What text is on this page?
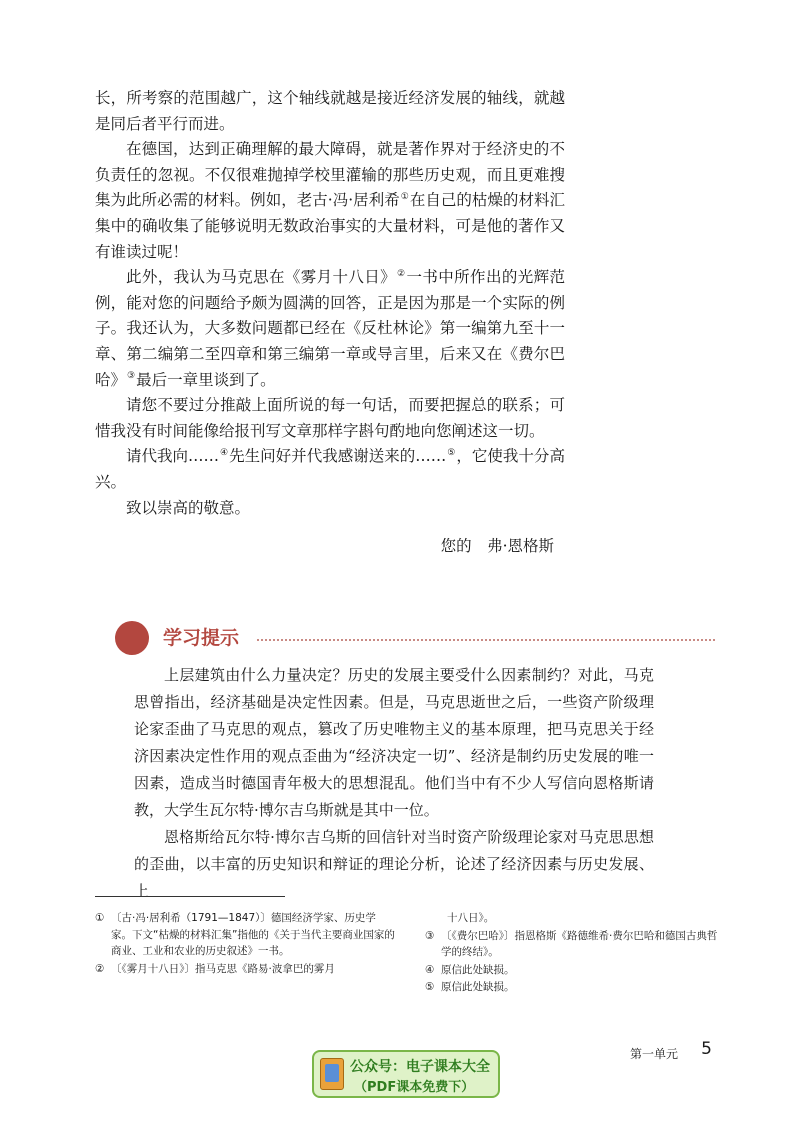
长，所考察的范围越广，这个轴线就越是接近经济发展的轴线，就越是同后者平行而进。

在德国，达到正确理解的最大障碍，就是著作界对于经济史的不负责任的忽视。不仅很难抛掉学校里灌输的那些历史观，而且更难搜集为此所必需的材料。例如，老古·冯·居利希①在自己的枯燥的材料汇集中的确收集了能够说明无数政治事实的大量材料，可是他的著作又有谁读过呢！

此外，我认为马克思在《雾月十八日》②一书中所作出的光辉范例，能对您的问题给予颇为圆满的回答，正是因为那是一个实际的例子。我还认为，大多数问题都已经在《反杜林论》第一编第九至十一章、第二编第二至四章和第三编第一章或导言里，后来又在《费尔巴哈》③最后一章里谈到了。

请您不要过分推敲上面所说的每一句话，而要把握总的联系；可惜我没有时间能像给报刊写文章那样字斟句酌地向您阐述这一切。

请代我向……④先生问好并代我感谢送来的……⑤，它使我十分高兴。

致以崇高的敬意。

您的　弗·恩格斯
学习提示

上层建筑由什么力量决定？历史的发展主要受什么因素制约？对此，马克思曾指出，经济基础是决定性因素。但是，马克思逝世之后，一些资产阶级理论家歪曲了马克思的观点，篡改了历史唯物主义的基本原理，把马克思关于经济因素决定性作用的观点歪曲为“经济决定一切”、经济是制约历史发展的唯一因素，造成当时德国青年极大的思想混乱。他们当中有不少人写信向恩格斯请教，大学生瓦尔特·博尔吉乌斯就是其中一位。

恩格斯给瓦尔特·博尔吉乌斯的回信针对当时资产阶级理论家对马克思思想的歪曲，以丰富的历史知识和辩证的理论分析，论述了经济因素与历史发展、上

① 〔古·冯·居利希（1791—1847）〕德国经济学家、历史学家。下文“枯燥的材料汇集”指他的《关于当代主要商业国家的商业、工业和农业的历史叙述》一书。
② 〔《雾月十八日》〕指马克思《路易·波拿巴的雾月
十八日》。
③ 〔《费尔巴哈》〕指恩格斯《路德维希·费尔巴哈和德国古典哲学的终结》。
④ 原信此处缺损。
⑤ 原信此处缺损。
第一单元 5
公众号：电子课本大全
（PDF课本免费下）
